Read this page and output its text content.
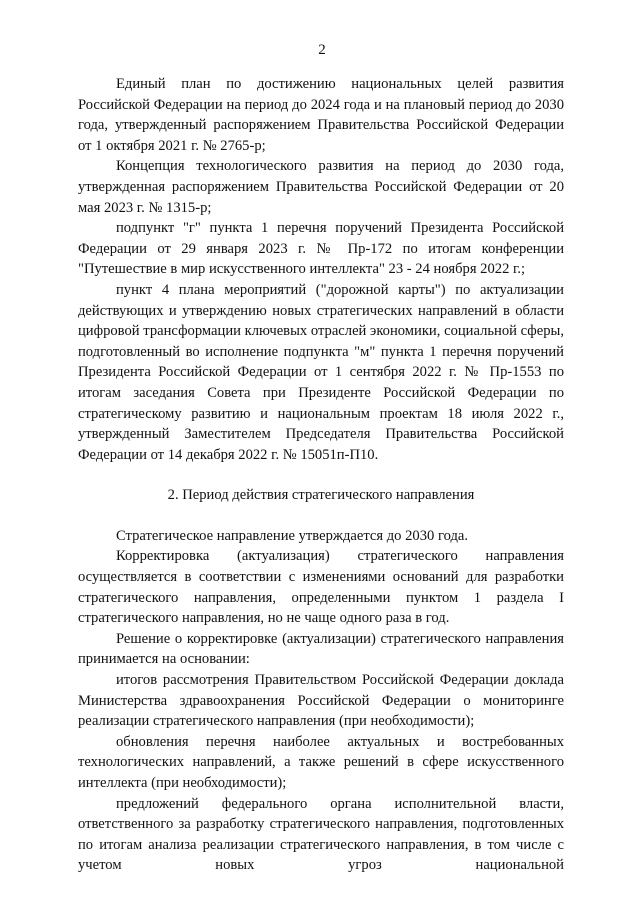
2

Единый план по достижению национальных целей развития Российской Федерации на период до 2024 года и на плановый период до 2030 года, утвержденный распоряжением Правительства Российской Федерации от 1 октября 2021 г. № 2765-р;

Концепция технологического развития на период до 2030 года, утвержденная распоряжением Правительства Российской Федерации от 20 мая 2023 г. № 1315-р;

подпункт "г" пункта 1 перечня поручений Президента Российской Федерации от 29 января 2023 г. № Пр-172 по итогам конференции "Путешествие в мир искусственного интеллекта" 23 - 24 ноября 2022 г.;

пункт 4 плана мероприятий ("дорожной карты") по актуализации действующих и утверждению новых стратегических направлений в области цифровой трансформации ключевых отраслей экономики, социальной сферы, подготовленный во исполнение подпункта "м" пункта 1 перечня поручений Президента Российской Федерации от 1 сентября 2022 г. № Пр-1553 по итогам заседания Совета при Президенте Российской Федерации по стратегическому развитию и национальным проектам 18 июля 2022 г., утвержденный Заместителем Председателя Правительства Российской Федерации от 14 декабря 2022 г. № 15051п-П10.

2. Период действия стратегического направления

Стратегическое направление утверждается до 2030 года.

Корректировка (актуализация) стратегического направления осуществляется в соответствии с изменениями оснований для разработки стратегического направления, определенными пунктом 1 раздела I стратегического направления, но не чаще одного раза в год.

Решение о корректировке (актуализации) стратегического направления принимается на основании:

итогов рассмотрения Правительством Российской Федерации доклада Министерства здравоохранения Российской Федерации о мониторинге реализации стратегического направления (при необходимости);

обновления перечня наиболее актуальных и востребованных технологических направлений, а также решений в сфере искусственного интеллекта (при необходимости);

предложений федерального органа исполнительной власти, ответственного за разработку стратегического направления, подготовленных по итогам анализа реализации стратегического направления, в том числе с учетом новых угроз национальной
